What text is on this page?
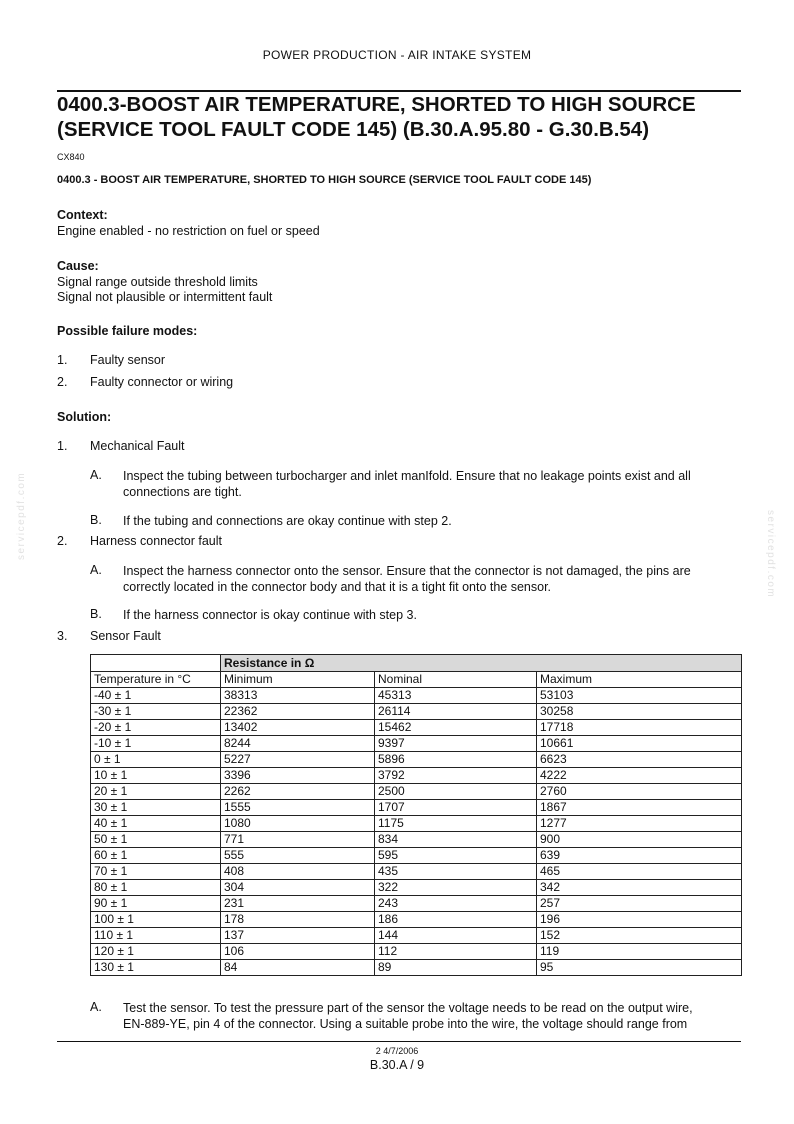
POWER PRODUCTION - AIR INTAKE SYSTEM
0400.3-BOOST AIR TEMPERATURE, SHORTED TO HIGH SOURCE
(SERVICE TOOL FAULT CODE 145) (B.30.A.95.80 - G.30.B.54)
CX840
0400.3 - BOOST AIR TEMPERATURE, SHORTED TO HIGH SOURCE (SERVICE TOOL FAULT CODE 145)
Context:
Engine enabled - no restriction on fuel or speed
Cause:
Signal range outside threshold limits
Signal not plausible or intermittent fault
Possible failure modes:
1. Faulty sensor
2. Faulty connector or wiring
Solution:
1. Mechanical Fault
A. Inspect the tubing between turbocharger and inlet manIfold. Ensure that no leakage points exist and all
connections are tight.
B. If the tubing and connections are okay continue with step 2.
2. Harness connector fault
A. Inspect the harness connector onto the sensor. Ensure that the connector is not damaged, the pins are
correctly located in the connector body and that it is a tight fit onto the sensor.
B. If the harness connector is okay continue with step 3.
3. Sensor Fault
	Resistance in Ω		
Temperature in °C	Minimum	Nominal	Maximum
-40 ± 1	38313	45313	53103
-30 ± 1	22362	26114	30258
-20 ± 1	13402	15462	17718
-10 ± 1	8244	9397	10661
0 ± 1	5227	5896	6623
10 ± 1	3396	3792	4222
20 ± 1	2262	2500	2760
30 ± 1	1555	1707	1867
40 ± 1	1080	1175	1277
50 ± 1	771	834	900
60 ± 1	555	595	639
70 ± 1	408	435	465
80 ± 1	304	322	342
90 ± 1	231	243	257
100 ± 1	178	186	196
110 ± 1	137	144	152
120 ± 1	106	112	119
130 ± 1	84	89	95
A. Test the sensor. To test the pressure part of the sensor the voltage needs to be read on the output wire,
EN-889-YE, pin 4 of the connector. Using a suitable probe into the wire, the voltage should range from
servicepdf.com	servicepdf.com
2 4/7/2006
B.30.A / 9
